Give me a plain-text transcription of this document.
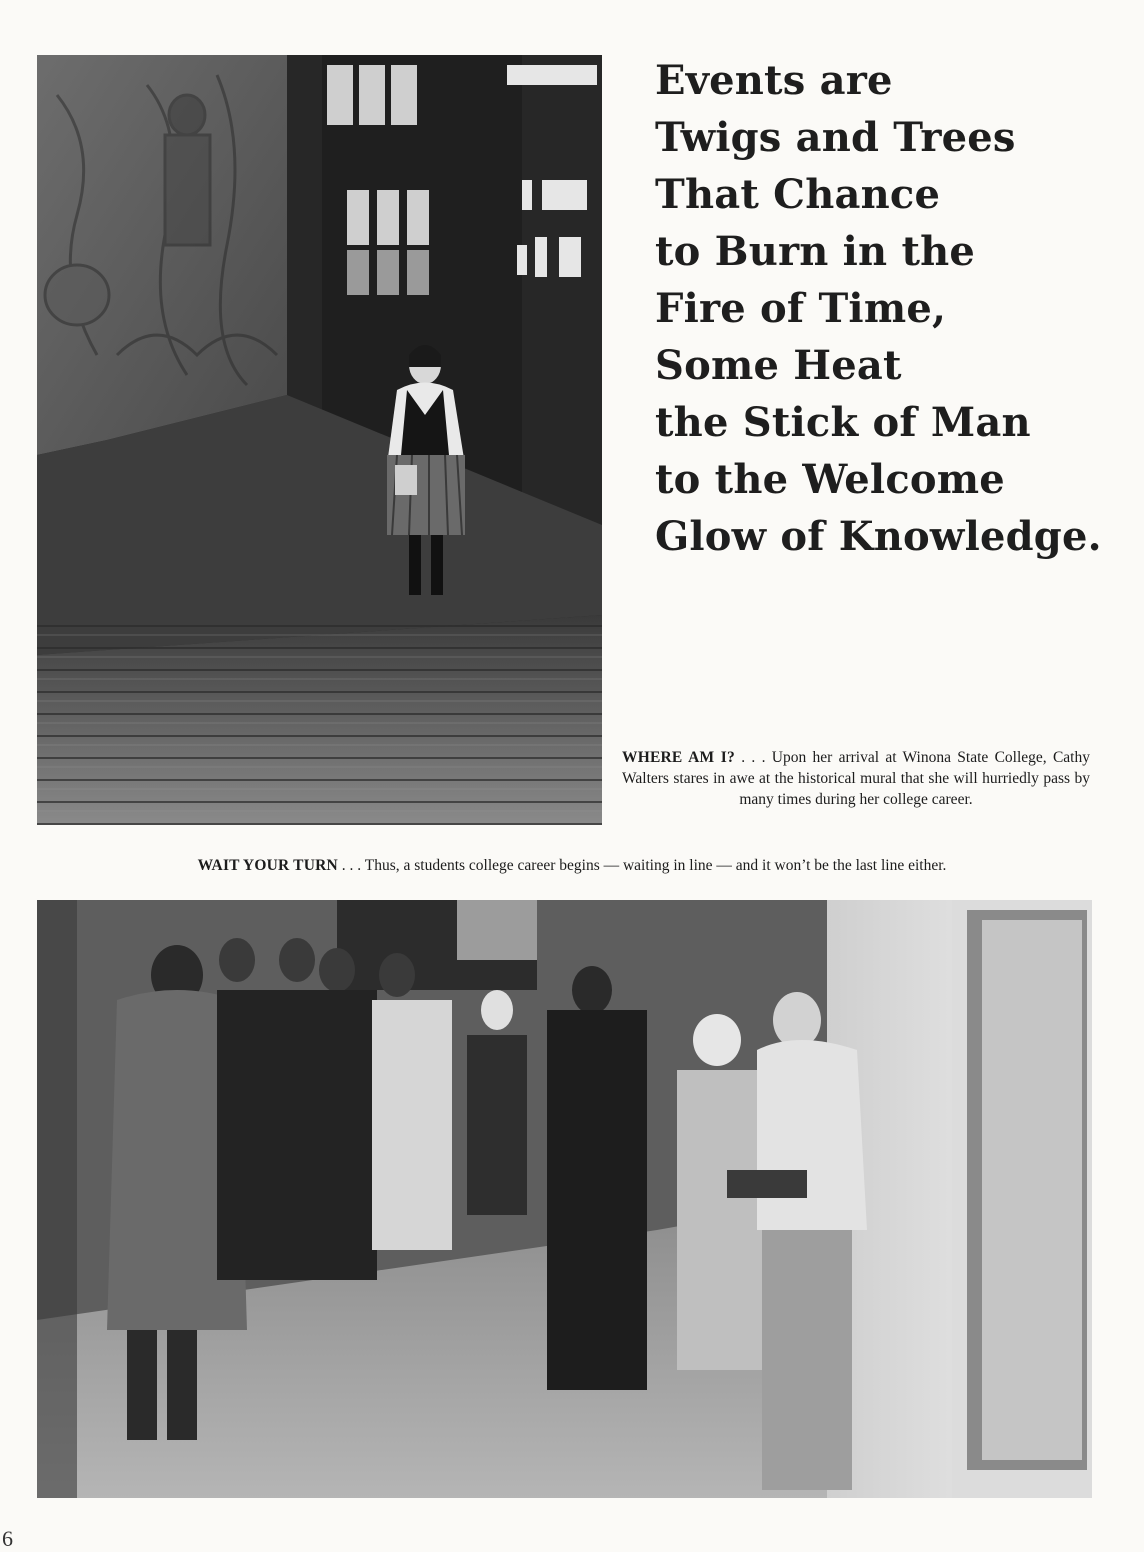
Events are
Twigs and Trees
That Chance
to Burn in the
Fire of Time,
Some Heat
the Stick of Man
to the Welcome
Glow of Knowledge.

WHERE AM I? . . . Upon her arrival at Winona State College, Cathy Walters stares in awe at the historical mural that she will hurriedly pass by many times during her college career.

WAIT YOUR TURN . . . Thus, a students college career begins — waiting in line — and it won’t be the last line either.

6
